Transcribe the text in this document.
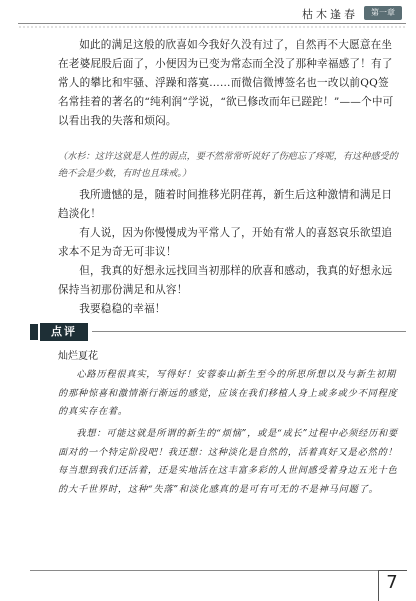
枯木逢春	第一章

如此的满足这般的欣喜如今我好久没有过了，自然再不大愿意在坐在老婆屁股后面了，小便因为已变为常态而全没了那种幸福感了！有了常人的攀比和牢骚、浮躁和落寞……而微信微博签名也一改以前QQ签名常挂着的著名的“纯利润”学说，“欲已修改而年已蹉跎！”——个中可以看出我的失落和烦闷。

（水杉：这许这就是人性的弱点，要不然常常听说好了伤疤忘了疼呢，有这种感受的绝不会是少数，有时也且珠戒。）

我所遗憾的是，随着时间推移光阴荏苒，新生后这种激情和满足日趋淡化！

有人说，因为你慢慢成为平常人了，开始有常人的喜怒哀乐欲望追求本不足为奇无可非议！

但，我真的好想永远找回当初那样的欣喜和感动，我真的好想永远保持当初那份满足和从容！

我要稳稳的幸福！

点评
灿烂夏花

心路历程很真实，写得好！安蓉泰山新生至今的所思所想以及与新生初期的那种惊喜和激情渐行渐远的感觉，应该在我们移植人身上或多或少不同程度的真实存在着。

我想：可能这就是所谓的新生的“烦恼”，或是“成长”过程中必须经历和要面对的一个特定阶段吧！我还想：这种淡化是自然的，活着真好又是必然的！每当想到我们还活着，还是实地活在这丰富多彩的人世间感受着身边五光十色的大千世界时，这种“失落”和淡化感真的是可有可无的不是神马问题了。

7
